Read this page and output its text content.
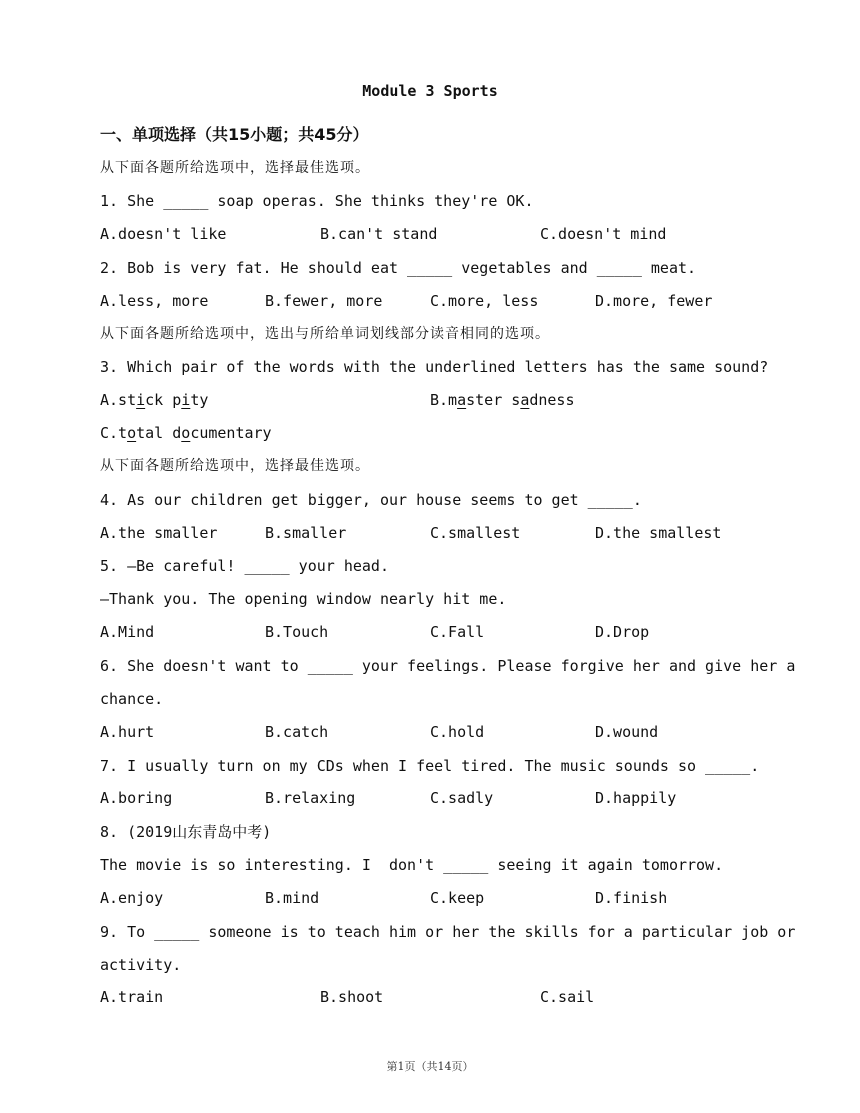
Module 3 Sports
一、单项选择（共15小题；共45分）
从下面各题所给选项中，选择最佳选项。
1. She _____ soap operas. She thinks they're OK.
A.doesn't like	B.can't stand	C.doesn't mind
2. Bob is very fat. He should eat _____ vegetables and _____ meat.
A.less, more	B.fewer, more	C.more, less	D.more, fewer
从下面各题所给选项中，选出与所给单词划线部分读音相同的选项。
3. Which pair of the words with the underlined letters has the same sound?
A.stick pity	B.master sadness
C.total documentary
从下面各题所给选项中，选择最佳选项。
4. As our children get bigger, our house seems to get _____.
A.the smaller	B.smaller	C.smallest	D.the smallest
5. —Be careful! _____ your head.
—Thank you. The opening window nearly hit me.
A.Mind	B.Touch	C.Fall	D.Drop
6. She doesn't want to _____ your feelings. Please forgive her and give her a
chance.
A.hurt	B.catch	C.hold	D.wound
7. I usually turn on my CDs when I feel tired. The music sounds so _____.
A.boring	B.relaxing	C.sadly	D.happily
8. (2019山东青岛中考)
The movie is so interesting. I  don't _____ seeing it again tomorrow.
A.enjoy	B.mind	C.keep	D.finish
9. To _____ someone is to teach him or her the skills for a particular job or
activity.
A.train	B.shoot	C.sail
第1页（共14页）
